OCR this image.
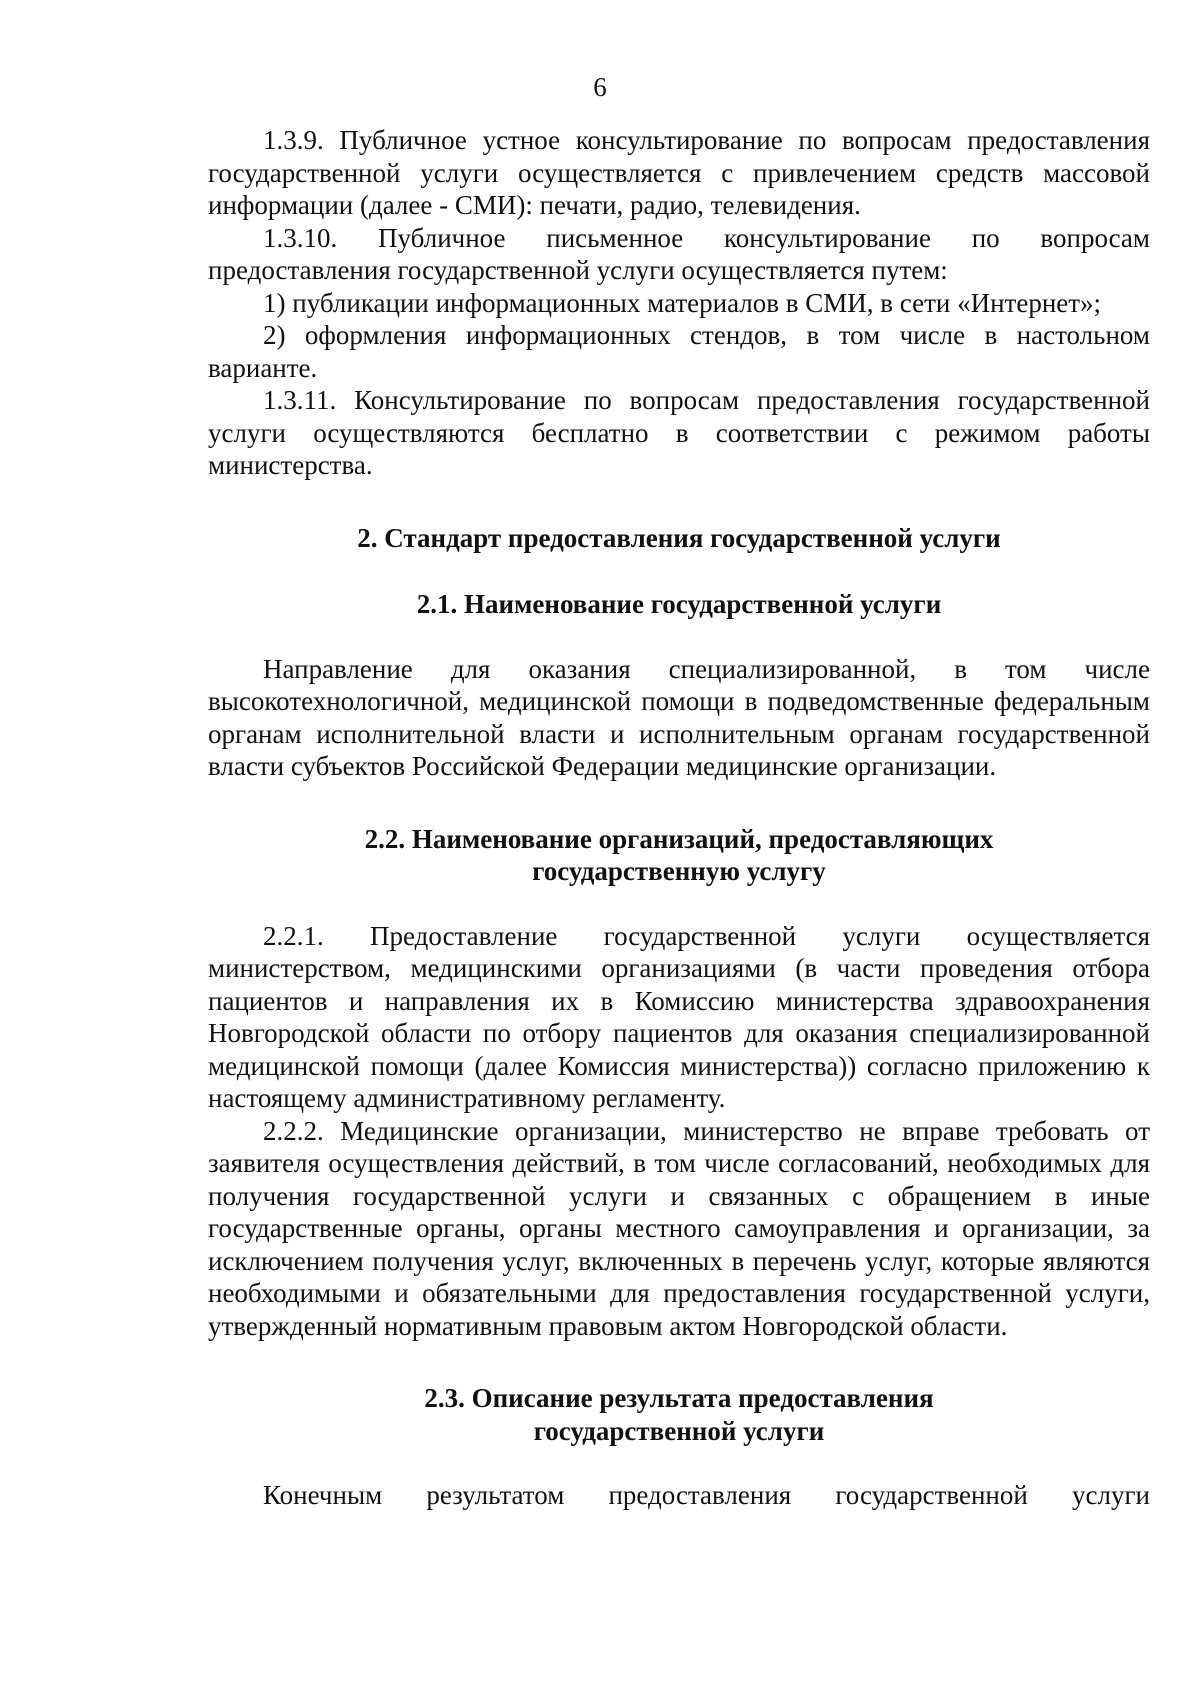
6

1.3.9. Публичное устное консультирование по вопросам предоставления государственной услуги осуществляется с привлечением средств массовой информации (далее - СМИ): печати, радио, телевидения.

1.3.10. Публичное письменное консультирование по вопросам предоставления государственной услуги осуществляется путем:

1) публикации информационных материалов в СМИ, в сети «Интернет»;

2) оформления информационных стендов, в том числе в настольном варианте.

1.3.11. Консультирование по вопросам предоставления государственной услуги осуществляются бесплатно в соответствии с режимом работы министерства.

2. Стандарт предоставления государственной услуги
2.1. Наименование государственной услуги

Направление для оказания специализированной, в том числе высокотехнологичной, медицинской помощи в подведомственные федеральным органам исполнительной власти и исполнительным органам государственной власти субъектов Российской Федерации медицинские организации.

2.2. Наименование организаций, предоставляющих
государственную услугу

2.2.1. Предоставление государственной услуги осуществляется министерством, медицинскими организациями (в части проведения отбора пациентов и направления их в Комиссию министерства здравоохранения Новгородской области по отбору пациентов для оказания специализированной медицинской помощи (далее Комиссия министерства)) согласно приложению к настоящему административному регламенту.

2.2.2. Медицинские организации, министерство не вправе требовать от заявителя осуществления действий, в том числе согласований, необходимых для получения государственной услуги и связанных с обращением в иные государственные органы, органы местного самоуправления и организации, за исключением получения услуг, включенных в перечень услуг, которые являются необходимыми и обязательными для предоставления государственной услуги, утвержденный нормативным правовым актом Новгородской области.

2.3. Описание результата предоставления
государственной услуги

Конечным результатом предоставления государственной услуги
